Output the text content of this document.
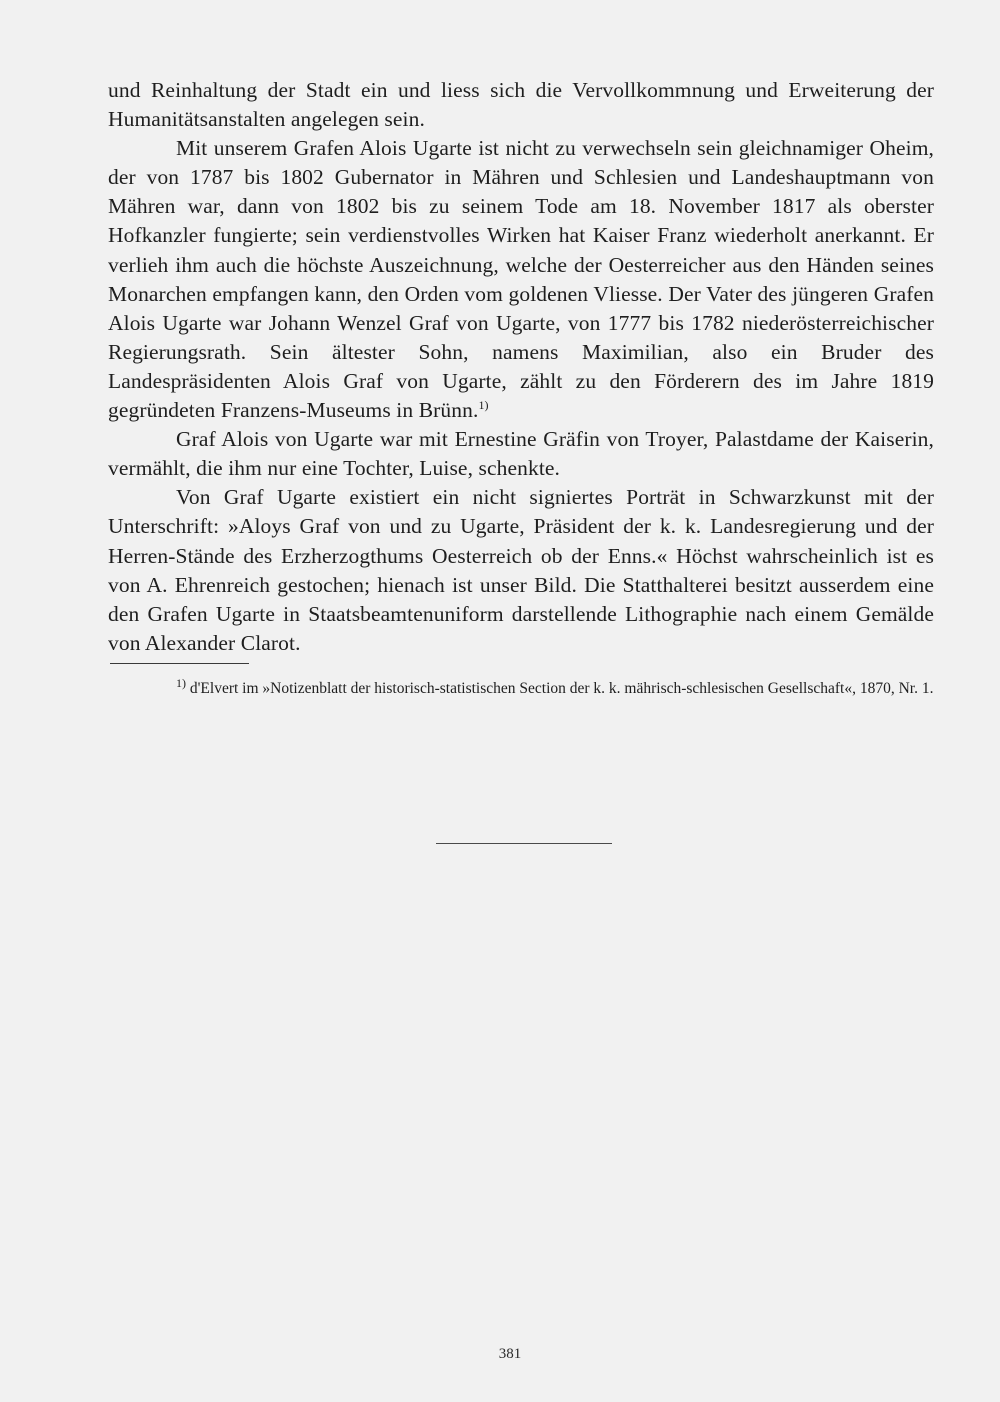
und Reinhaltung der Stadt ein und liess sich die Vervollkommnung und Erweiterung der Humanitätsanstalten angelegen sein.

Mit unserem Grafen Alois Ugarte ist nicht zu verwechseln sein gleichnamiger Oheim, der von 1787 bis 1802 Gubernator in Mähren und Schlesien und Landeshauptmann von Mähren war, dann von 1802 bis zu seinem Tode am 18. November 1817 als oberster Hofkanzler fungierte; sein verdienstvolles Wirken hat Kaiser Franz wiederholt anerkannt. Er verlieh ihm auch die höchste Auszeichnung, welche der Oesterreicher aus den Händen seines Monarchen empfangen kann, den Orden vom goldenen Vliesse. Der Vater des jüngeren Grafen Alois Ugarte war Johann Wenzel Graf von Ugarte, von 1777 bis 1782 niederösterreichischer Regierungsrath. Sein ältester Sohn, namens Maximilian, also ein Bruder des Landespräsidenten Alois Graf von Ugarte, zählt zu den Förderern des im Jahre 1819 gegründeten Franzens-Museums in Brünn.$^{1)}$

Graf Alois von Ugarte war mit Ernestine Gräfin von Troyer, Palastdame der Kaiserin, vermählt, die ihm nur eine Tochter, Luise, schenkte.

Von Graf Ugarte existiert ein nicht signiertes Porträt in Schwarzkunst mit der Unterschrift: »Aloys Graf von und zu Ugarte, Präsident der k. k. Landesregierung und der Herren-Stände des Erzherzogthums Oesterreich ob der Enns.« Höchst wahrscheinlich ist es von A. Ehrenreich gestochen; hienach ist unser Bild. Die Statthalterei besitzt ausserdem eine den Grafen Ugarte in Staatsbeamtenuniform darstellende Lithographie nach einem Gemälde von Alexander Clarot.

$^{1)}$ d'Elvert im »Notizenblatt der historisch-statistischen Section der k. k. mährisch-schlesischen Gesellschaft«, 1870, Nr. 1.

381
